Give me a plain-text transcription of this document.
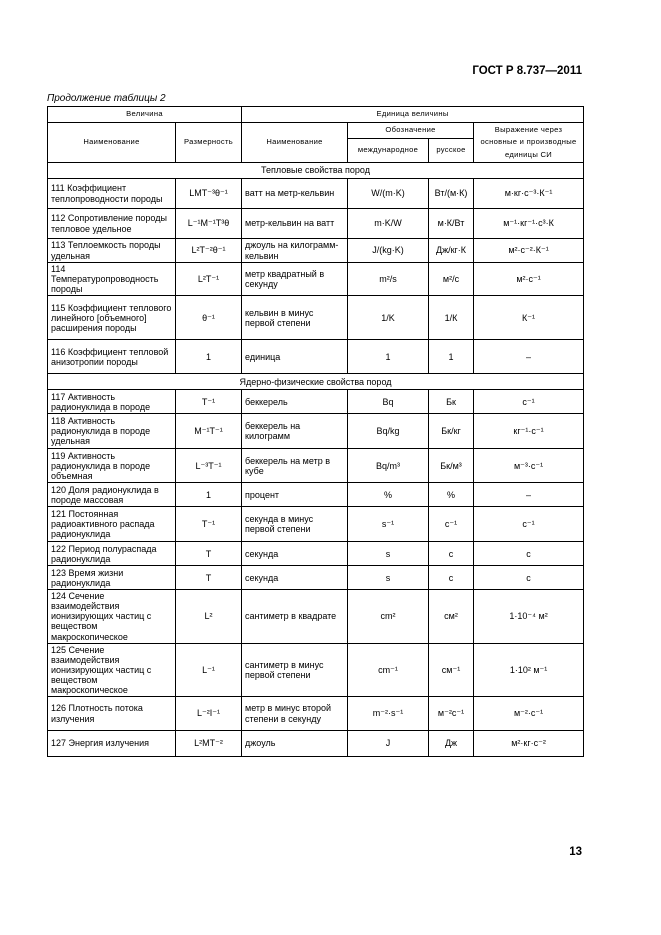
ГОСТ Р 8.737—2011
Продолжение таблицы 2
Величина		Единица величины			
Наименование	Размерность	Наименование	Обозначение		Выражение через основные и производные единицы СИ
			международное	русское	
Тепловые свойства пород					
111 Коэффициент теплопроводности породы	LMT⁻³θ⁻¹	ватт на метр-кельвин	W/(m·K)	Вт/(м·К)	м·кг·с⁻³·К⁻¹
112 Сопротивление породы тепловое удельное	L⁻¹M⁻¹T³θ	метр-кельвин на ватт	m·K/W	м·К/Вт	м⁻¹·кг⁻¹·с³·К
113 Теплоемкость породы удельная	L²T⁻²θ⁻¹	джоуль на килограмм-кельвин	J/(kg·K)	Дж/кг·К	м²·с⁻²·К⁻¹
114 Температуропроводность породы	L²T⁻¹	метр квадратный в секунду	m²/s	м²/с	м²·с⁻¹
115 Коэффициент теплового линейного [объемного] расширения породы	θ⁻¹	кельвин в минус первой степени	1/K	1/К	К⁻¹
116 Коэффициент тепловой анизотропии породы	1	единица	1	1	–
Ядерно-физические свойства пород					
117 Активность радионуклида в породе	T⁻¹	беккерель	Bq	Бк	с⁻¹
118 Активность радионуклида в породе удельная	M⁻¹T⁻¹	беккерель на килограмм	Bq/kg	Бк/кг	кг⁻¹·с⁻¹
119 Активность радионуклида в породе объемная	L⁻³T⁻¹	беккерель на метр в кубе	Bq/m³	Бк/м³	м⁻³·с⁻¹
120 Доля радионуклида в породе массовая	1	процент	%	%	–
121 Постоянная радиоактивного распада радионуклида	T⁻¹	секунда в минус первой степени	s⁻¹	с⁻¹	с⁻¹
122 Период полураспада радионуклида	T	секунда	s	с	с
123 Время жизни радионуклида	T	секунда	s	с	с
124 Сечение взаимодействия ионизирующих частиц с веществом макроскопическое	L²	сантиметр в квадрате	cm²	см²	1·10⁻⁴ м²
125 Сечение взаимодействия ионизирующих частиц с веществом макроскопическое	L⁻¹	сантиметр в минус первой степени	cm⁻¹	см⁻¹	1·10² м⁻¹
126 Плотность потока излучения	L⁻²I⁻¹	метр в минус второй степени в секунду	m⁻²·s⁻¹	м⁻²с⁻¹	м⁻²·с⁻¹
127 Энергия излучения	L²MT⁻²	джоуль	J	Дж	м²·кг·с⁻²
13
